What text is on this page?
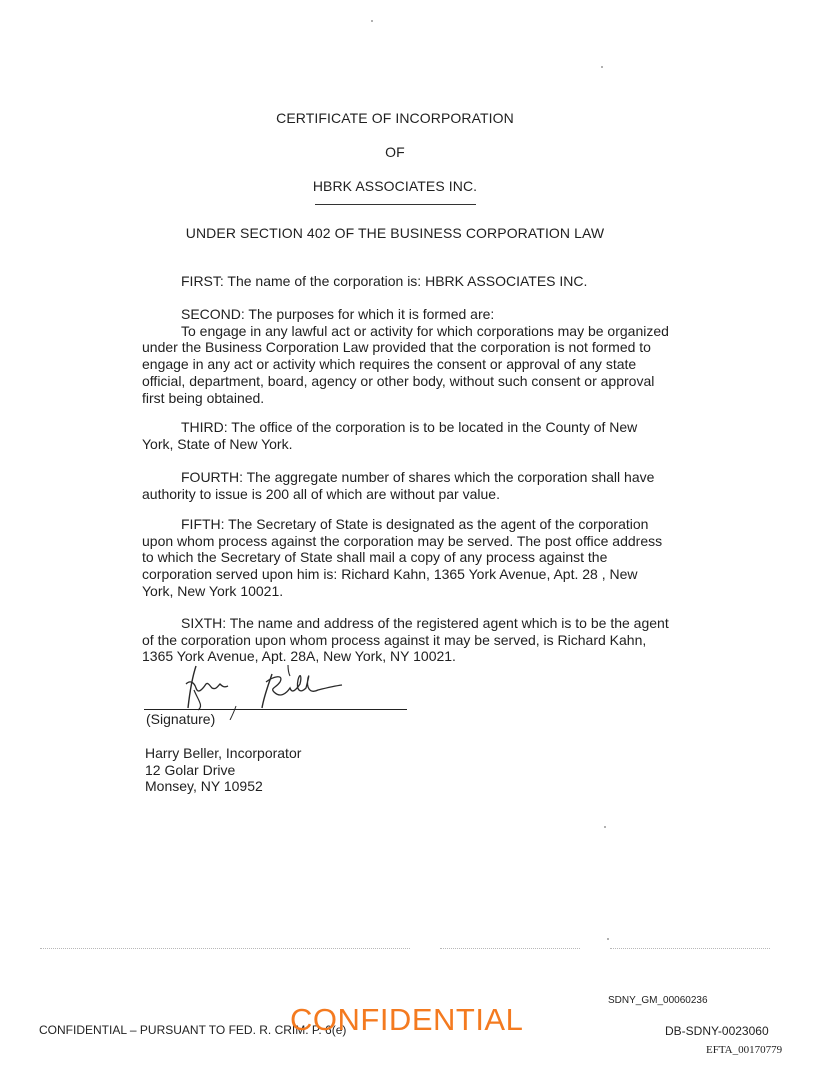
CERTIFICATE OF INCORPORATION
OF
HBRK ASSOCIATES INC.
UNDER SECTION 402 OF THE BUSINESS CORPORATION LAW

FIRST: The name of the corporation is: HBRK ASSOCIATES INC.

SECOND: The purposes for which it is formed are:
To engage in any lawful act or activity for which corporations may be organized under the Business Corporation Law provided that the corporation is not formed to engage in any act or activity which requires the consent or approval of any state official, department, board, agency or other body, without such consent or approval first being obtained.

THIRD: The office of the corporation is to be located in the County of New York, State of New York.

FOURTH: The aggregate number of shares which the corporation shall have authority to issue is 200 all of which are without par value.

FIFTH: The Secretary of State is designated as the agent of the corporation upon whom process against the corporation may be served. The post office address to which the Secretary of State shall mail a copy of any process against the corporation served upon him is: Richard Kahn, 1365 York Avenue, Apt. 28 , New York, New York 10021.

SIXTH: The name and address of the registered agent which is to be the agent of the corporation upon whom process against it may be served, is Richard Kahn, 1365 York Avenue, Apt. 28A, New York, NY 10021.

(Signature)
Harry Beller, Incorporator
12 Golar Drive
Monsey, NY 10952
SDNY_GM_00060236
CONFIDENTIAL – PURSUANT TO FED. R. CRIM. P. 6(e)
CONFIDENTIAL	DB-SDNY-0023060
EFTA_00170779
